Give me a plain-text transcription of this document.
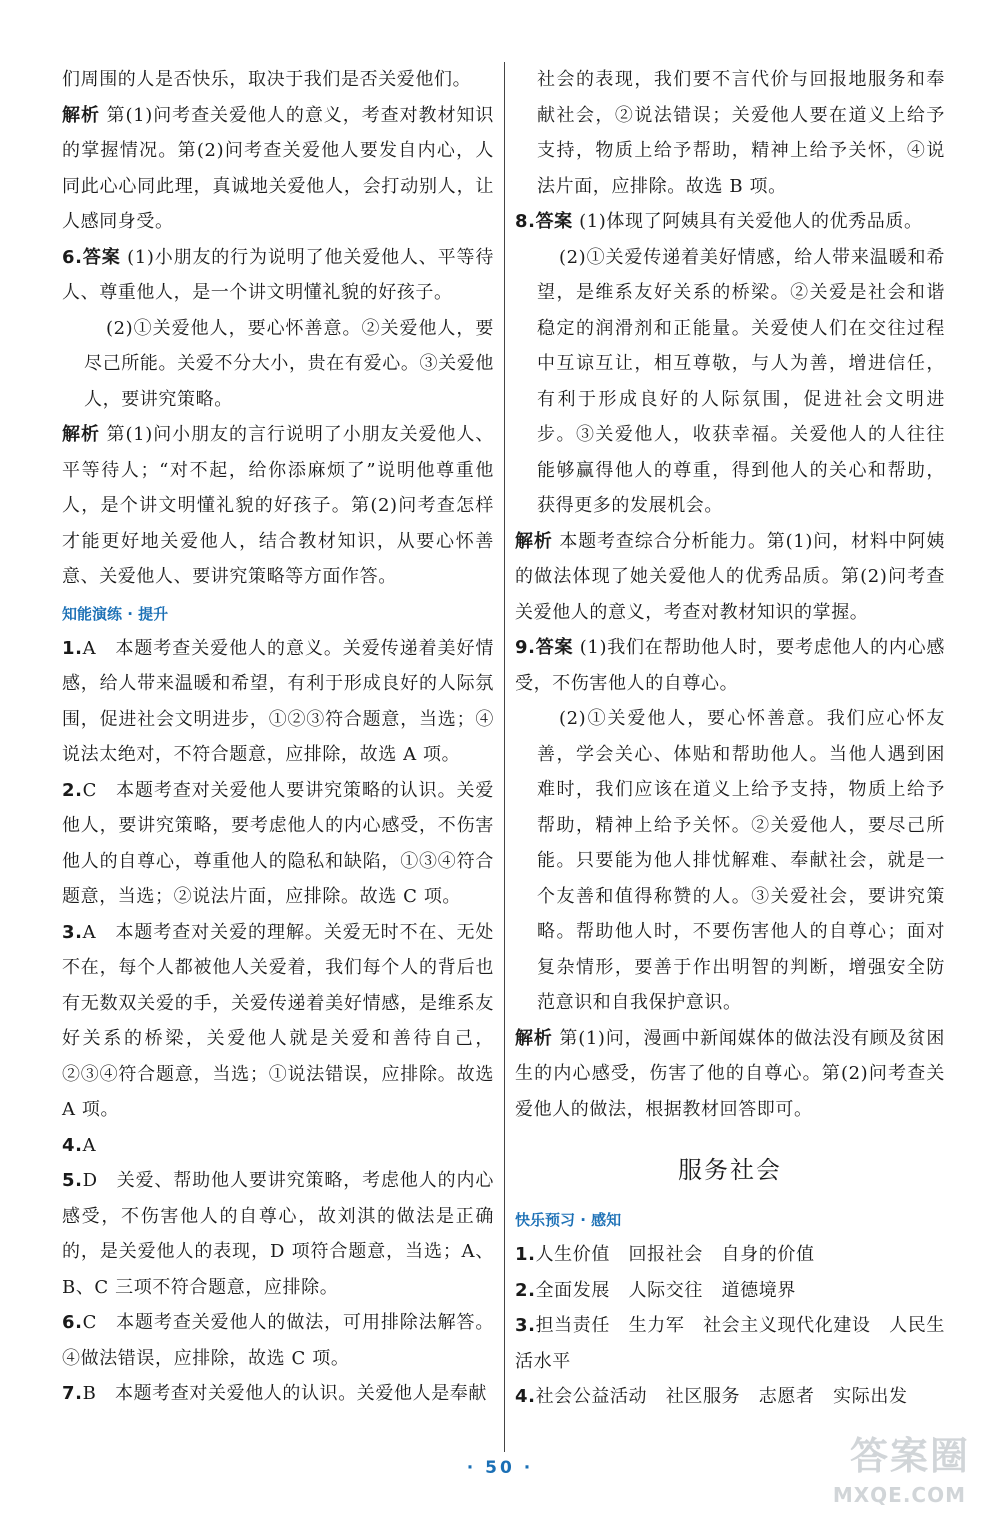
们周围的人是否快乐，取决于我们是否关爱他们。

解析 第(1)问考查关爱他人的意义，考查对教材知识的掌握情况。第(2)问考查关爱他人要发自内心，人同此心心同此理，真诚地关爱他人，会打动别人，让人感同身受。

6.答案 (1)小朋友的行为说明了他关爱他人、平等待人、尊重他人，是一个讲文明懂礼貌的好孩子。

(2)①关爱他人，要心怀善意。②关爱他人，要尽己所能。关爱不分大小，贵在有爱心。③关爱他人，要讲究策略。

解析 第(1)问小朋友的言行说明了小朋友关爱他人、平等待人；“对不起，给你添麻烦了”说明他尊重他人，是个讲文明懂礼貌的好孩子。第(2)问考查怎样才能更好地关爱他人，结合教材知识，从要心怀善意、关爱他人、要讲究策略等方面作答。

知能演练 · 提升

1.A　本题考查关爱他人的意义。关爱传递着美好情感，给人带来温暖和希望，有利于形成良好的人际氛围，促进社会文明进步，①②③符合题意，当选；④说法太绝对，不符合题意，应排除，故选 A 项。

2.C　本题考查对关爱他人要讲究策略的认识。关爱他人，要讲究策略，要考虑他人的内心感受，不伤害他人的自尊心，尊重他人的隐私和缺陷，①③④符合题意，当选；②说法片面，应排除。故选 C 项。

3.A　本题考查对关爱的理解。关爱无时不在、无处不在，每个人都被他人关爱着，我们每个人的背后也有无数双关爱的手，关爱传递着美好情感，是维系友好关系的桥梁，关爱他人就是关爱和善待自己，②③④符合题意，当选；①说法错误，应排除。故选 A 项。

4.A

5.D　关爱、帮助他人要讲究策略，考虑他人的内心感受，不伤害他人的自尊心，故刘淇的做法是正确的，是关爱他人的表现，D 项符合题意，当选；A、B、C 三项不符合题意，应排除。

6.C　本题考查关爱他人的做法，可用排除法解答。④做法错误，应排除，故选 C 项。

7.B　本题考查对关爱他人的认识。关爱他人是奉献

社会的表现，我们要不言代价与回报地服务和奉献社会，②说法错误；关爱他人要在道义上给予支持，物质上给予帮助，精神上给予关怀，④说法片面，应排除。故选 B 项。

8.答案 (1)体现了阿姨具有关爱他人的优秀品质。

(2)①关爱传递着美好情感，给人带来温暖和希望，是维系友好关系的桥梁。②关爱是社会和谐稳定的润滑剂和正能量。关爱使人们在交往过程中互谅互让，相互尊敬，与人为善，增进信任，有利于形成良好的人际氛围，促进社会文明进步。③关爱他人，收获幸福。关爱他人的人往往能够赢得他人的尊重，得到他人的关心和帮助，获得更多的发展机会。

解析 本题考查综合分析能力。第(1)问，材料中阿姨的做法体现了她关爱他人的优秀品质。第(2)问考查关爱他人的意义，考查对教材知识的掌握。

9.答案 (1)我们在帮助他人时，要考虑他人的内心感受，不伤害他人的自尊心。

(2)①关爱他人，要心怀善意。我们应心怀友善，学会关心、体贴和帮助他人。当他人遇到困难时，我们应该在道义上给予支持，物质上给予帮助，精神上给予关怀。②关爱他人，要尽己所能。只要能为他人排忧解难、奉献社会，就是一个友善和值得称赞的人。③关爱社会，要讲究策略。帮助他人时，不要伤害他人的自尊心；面对复杂情形，要善于作出明智的判断，增强安全防范意识和自我保护意识。

解析 第(1)问，漫画中新闻媒体的做法没有顾及贫困生的内心感受，伤害了他的自尊心。第(2)问考查关爱他人的做法，根据教材回答即可。

服务社会
快乐预习 · 感知

1.人生价值　回报社会　自身的价值

2.全面发展　人际交往　道德境界

3.担当责任　生力军　社会主义现代化建设　人民生活水平

4.社会公益活动　社区服务　志愿者　实际出发

· 50 ·	答案圈
MXQE.COM
